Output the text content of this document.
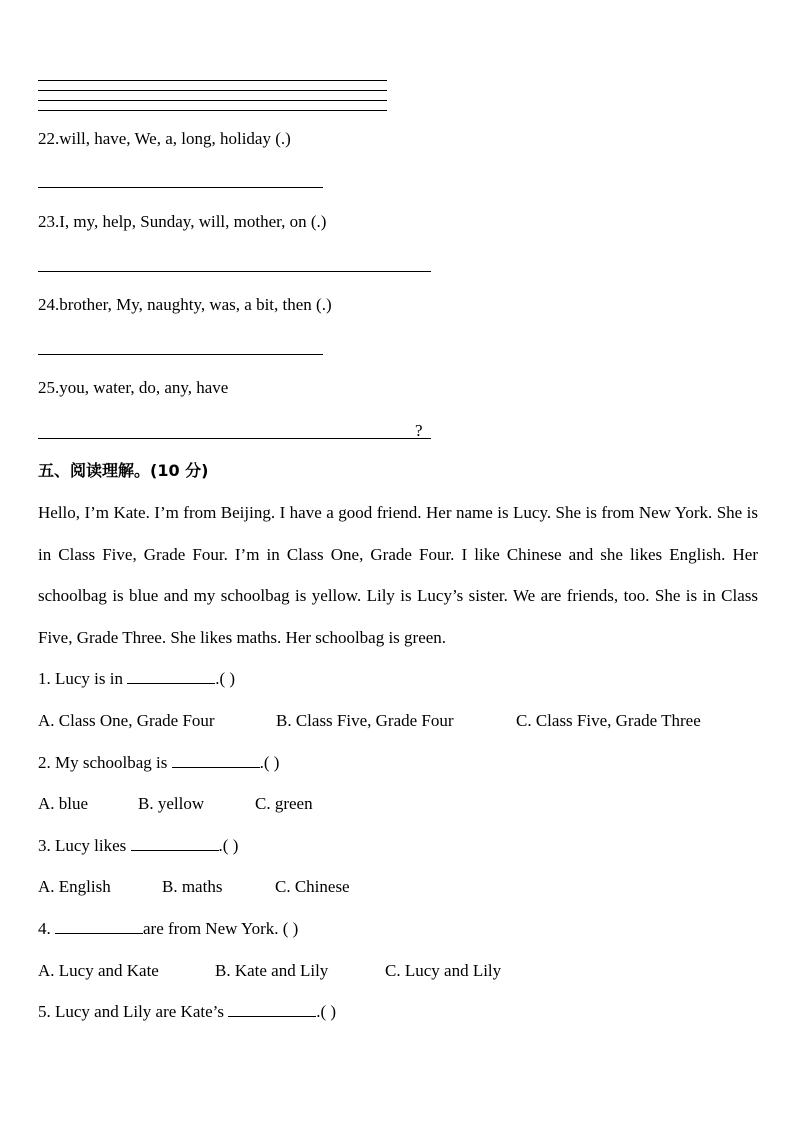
22.will, have, We, a, long, holiday (.)
23.I, my, help, Sunday, will, mother, on (.)
24.brother, My, naughty, was, a bit, then (.)
25.you, water, do, any, have
?
五、阅读理解。(10 分)
Hello, I’m Kate. I’m from Beijing. I have a good friend. Her name is Lucy. She is from New York. She is in Class Five, Grade Four. I’m in Class One, Grade Four. I like Chinese and she likes English. Her schoolbag is blue and my schoolbag is yellow. Lily is Lucy’s sister. We are friends, too. She is in Class Five, Grade Three. She likes maths. Her schoolbag is green.
1. Lucy is in	.( )
A. Class One, Grade Four	B. Class Five, Grade Four	C. Class Five, Grade Three
2. My schoolbag is	.( )
A. blue	B. yellow	C. green
3. Lucy likes	.( )
A. English	B. maths	C. Chinese
4.	are from New York. ( )
A. Lucy and Kate	B. Kate and Lily	C. Lucy and Lily
5. Lucy and Lily are Kate’s	.( )
